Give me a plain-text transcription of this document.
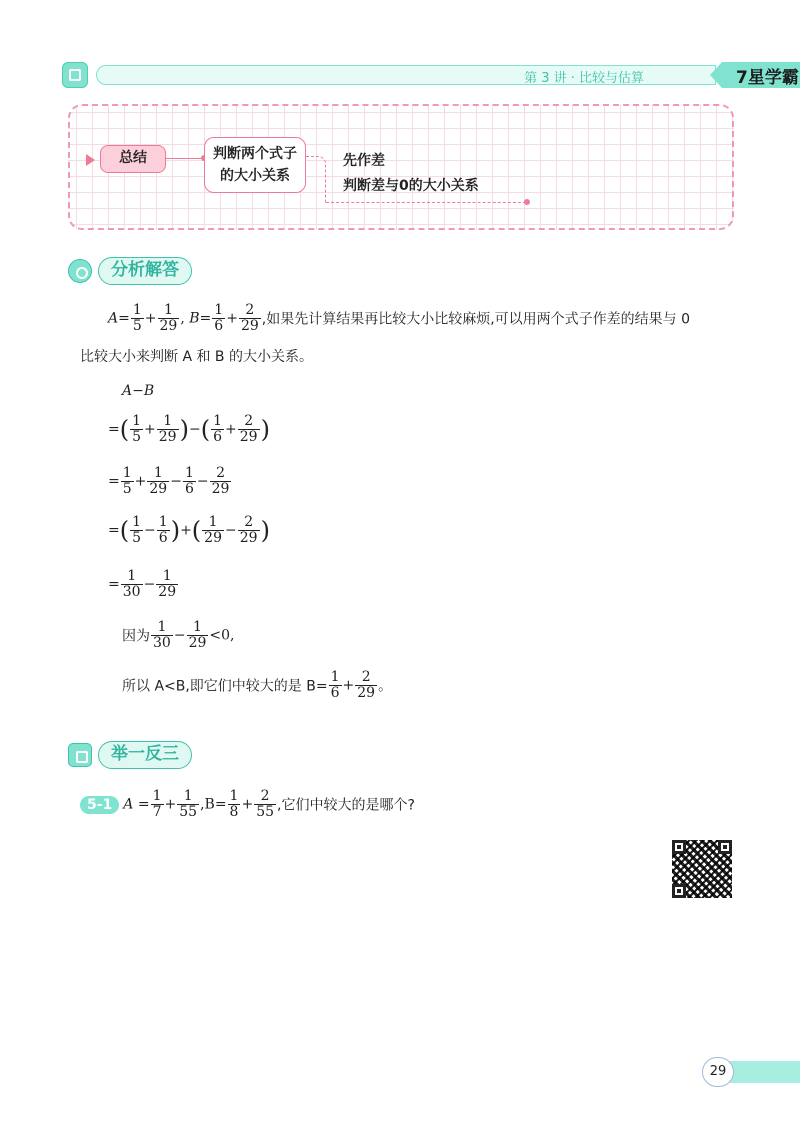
第 3 讲 · 比较与估算	7星学霸
总结	判断两个式子
的大小关系
先作差
判断差与0的大小关系
分析解答
$A= \frac{1}{5} + \frac{1}{29}$ , $B= \frac{1}{6} + \frac{2}{29}$ ,如果先计算结果再比较大小比较麻烦,可以用两个式子作差的结果与 0
比较大小来判断 A 和 B 的大小关系。
A−B
=( $\frac{1}{5} + \frac{1}{29}$ )−( $\frac{1}{6} + \frac{2}{29}$ )
= $\frac{1}{5} + \frac{1}{29} - \frac{1}{6} - \frac{2}{29}$
=( $\frac{1}{5} - \frac{1}{6}$ )+( $\frac{1}{29} - \frac{2}{29}$ )
= $\frac{1}{30} - \frac{1}{29}$
因为 $\frac{1}{30} - \frac{1}{29} <0$,
所以 A<B,即它们中较大的是 $B= \frac{1}{6} + \frac{2}{29}$ 。
举一反三
5-1 $A = \frac{1}{7} + \frac{1}{55} ,B= \frac{1}{8} + \frac{2}{55}$ ,它们中较大的是哪个?
29
